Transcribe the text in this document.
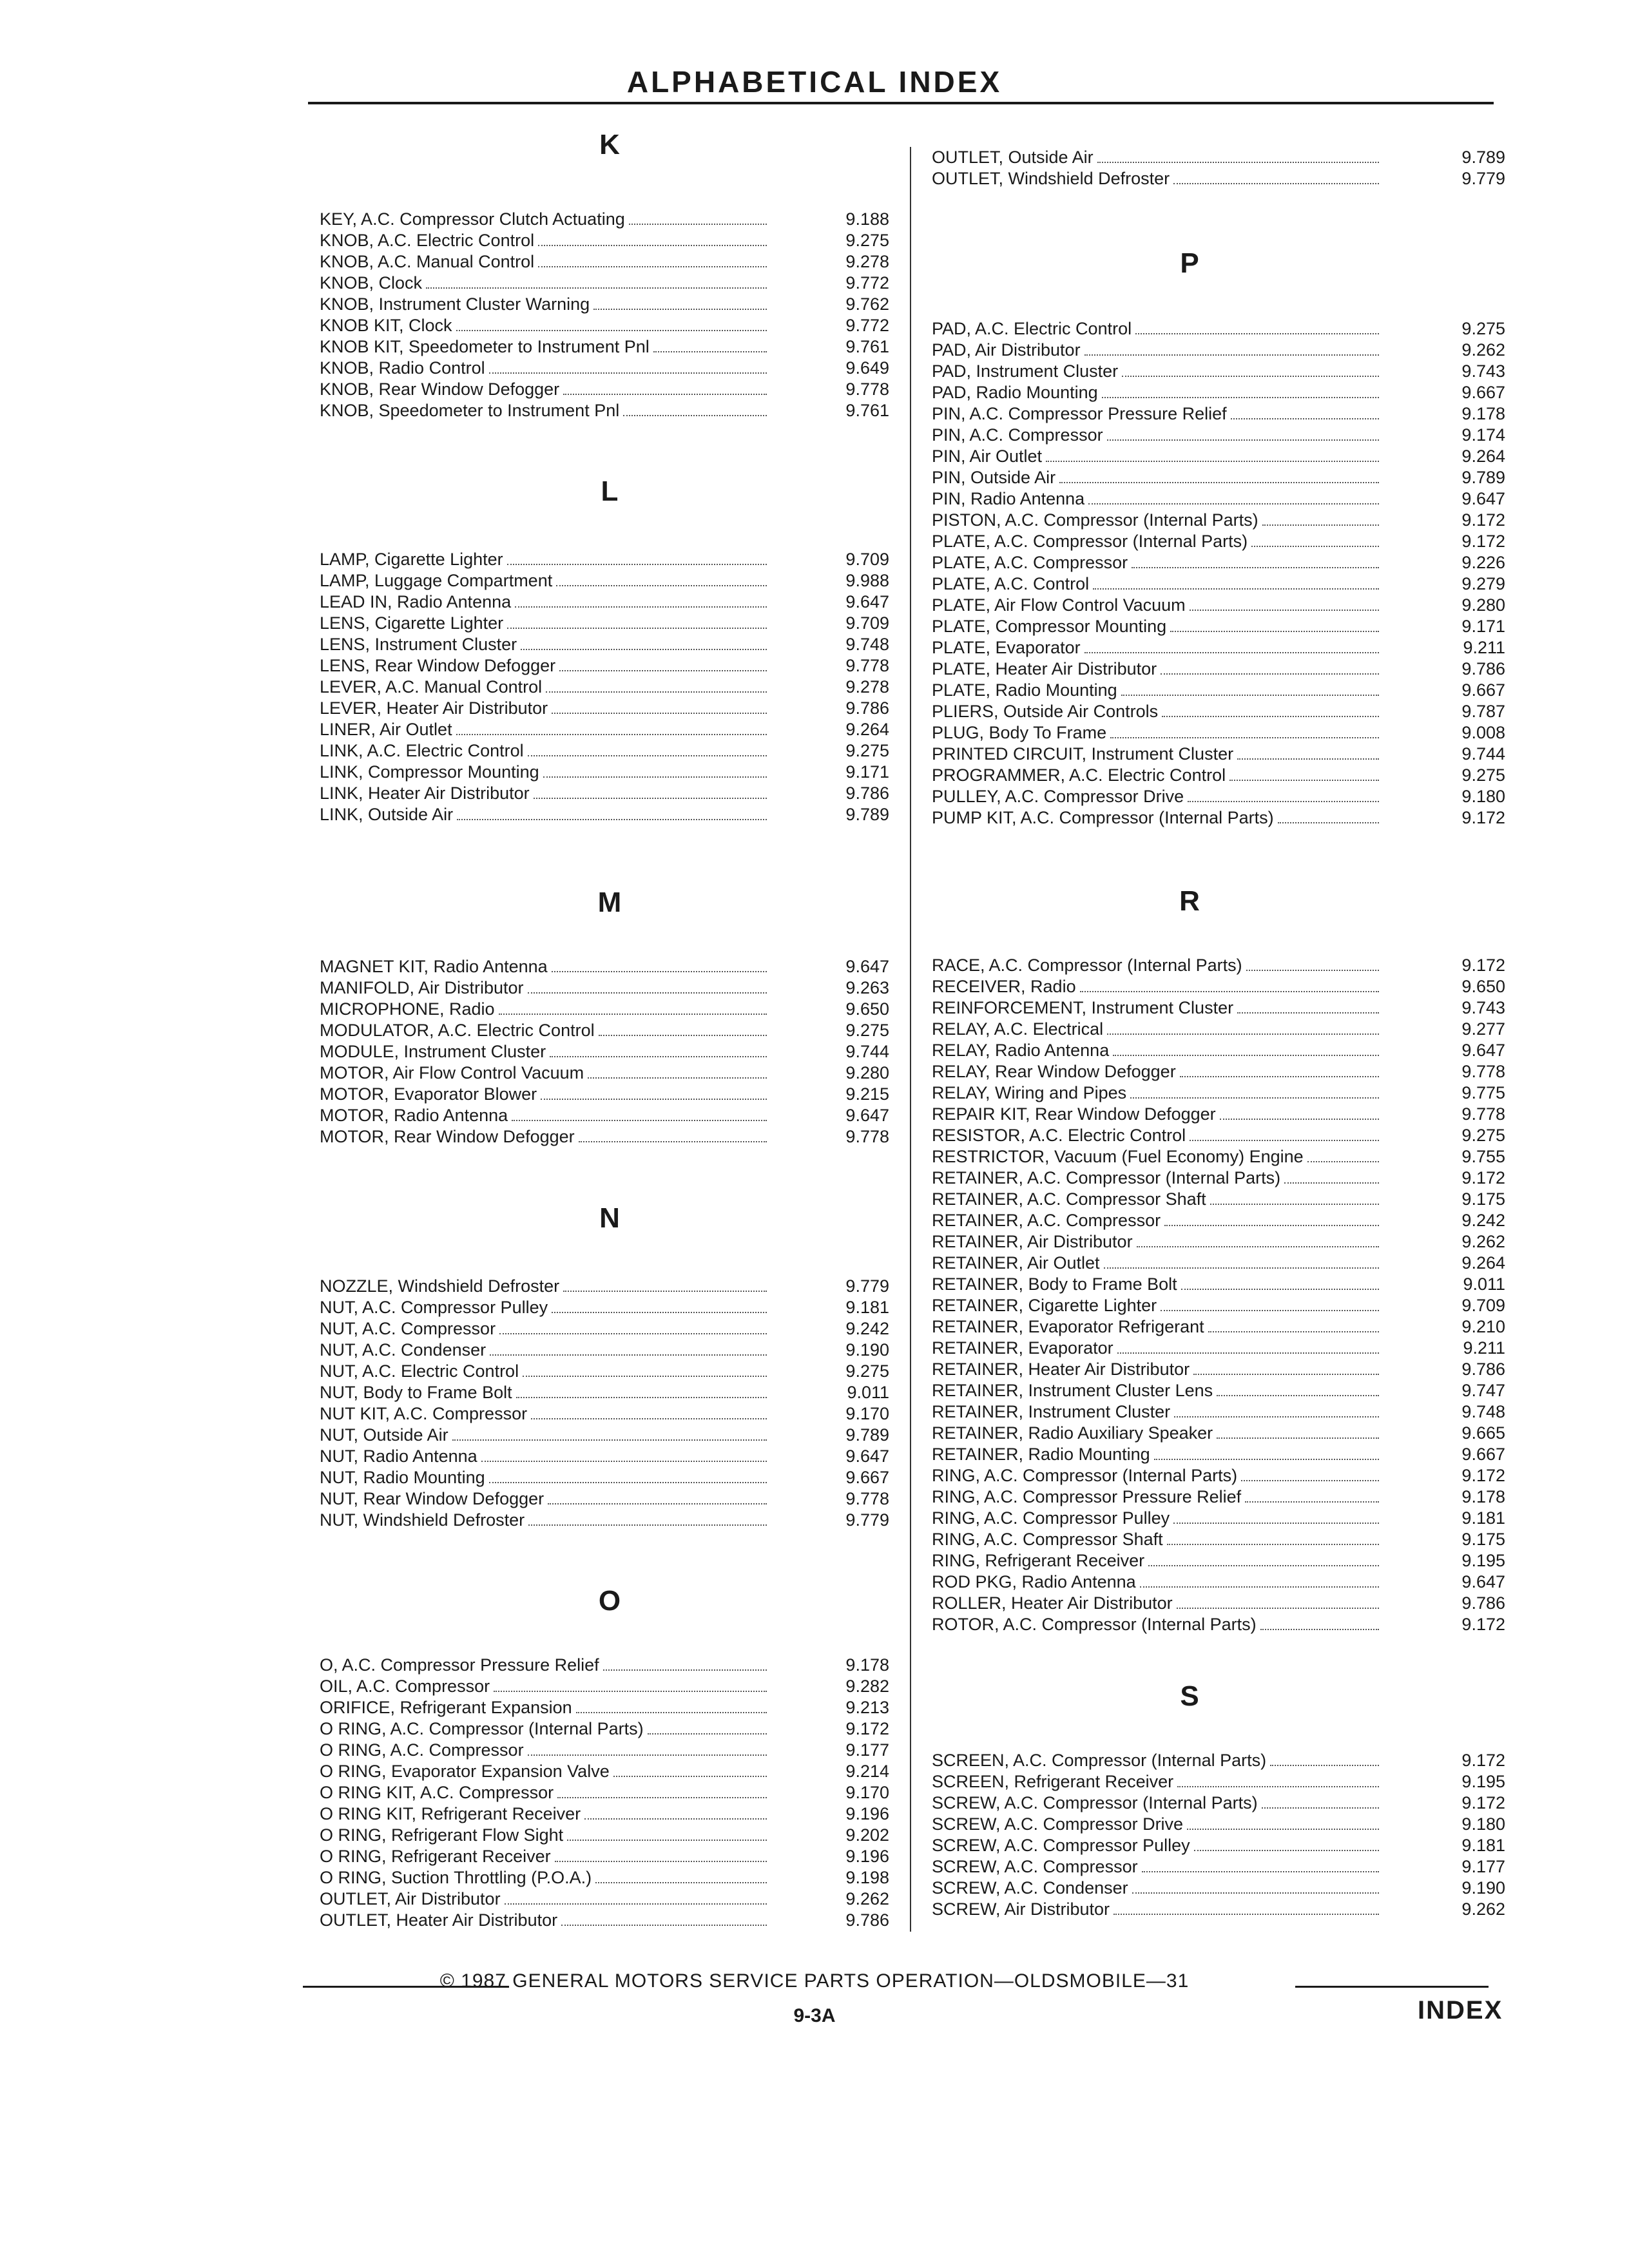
ALPHABETICAL INDEX
K
KEY, A.C. Compressor Clutch Actuating	9.188
KNOB, A.C. Electric Control	9.275
KNOB, A.C. Manual Control	9.278
KNOB, Clock	9.772
KNOB, Instrument Cluster Warning	9.762
KNOB KIT, Clock	9.772
KNOB KIT, Speedometer to Instrument Pnl	9.761
KNOB, Radio Control	9.649
KNOB, Rear Window Defogger	9.778
KNOB, Speedometer to Instrument Pnl	9.761
L
LAMP, Cigarette Lighter	9.709
LAMP, Luggage Compartment	9.988
LEAD IN, Radio Antenna	9.647
LENS, Cigarette Lighter	9.709
LENS, Instrument Cluster	9.748
LENS, Rear Window Defogger	9.778
LEVER, A.C. Manual Control	9.278
LEVER, Heater Air Distributor	9.786
LINER, Air Outlet	9.264
LINK, A.C. Electric Control	9.275
LINK, Compressor Mounting	9.171
LINK, Heater Air Distributor	9.786
LINK, Outside Air	9.789
M
MAGNET KIT, Radio Antenna	9.647
MANIFOLD, Air Distributor	9.263
MICROPHONE, Radio	9.650
MODULATOR, A.C. Electric Control	9.275
MODULE, Instrument Cluster	9.744
MOTOR, Air Flow Control Vacuum	9.280
MOTOR, Evaporator Blower	9.215
MOTOR, Radio Antenna	9.647
MOTOR, Rear Window Defogger	9.778
N
NOZZLE, Windshield Defroster	9.779
NUT, A.C. Compressor Pulley	9.181
NUT, A.C. Compressor	9.242
NUT, A.C. Condenser	9.190
NUT, A.C. Electric Control	9.275
NUT, Body to Frame Bolt	9.011
NUT KIT, A.C. Compressor	9.170
NUT, Outside Air	9.789
NUT, Radio Antenna	9.647
NUT, Radio Mounting	9.667
NUT, Rear Window Defogger	9.778
NUT, Windshield Defroster	9.779
O
O, A.C. Compressor Pressure Relief	9.178
OIL, A.C. Compressor	9.282
ORIFICE, Refrigerant Expansion	9.213
O RING, A.C. Compressor (Internal Parts)	9.172
O RING, A.C. Compressor	9.177
O RING, Evaporator Expansion Valve	9.214
O RING KIT, A.C. Compressor	9.170
O RING KIT, Refrigerant Receiver	9.196
O RING, Refrigerant Flow Sight	9.202
O RING, Refrigerant Receiver	9.196
O RING, Suction Throttling (P.O.A.)	9.198
OUTLET, Air Distributor	9.262
OUTLET, Heater Air Distributor	9.786
OUTLET, Outside Air	9.789
OUTLET, Windshield Defroster	9.779
P
PAD, A.C. Electric Control	9.275
PAD, Air Distributor	9.262
PAD, Instrument Cluster	9.743
PAD, Radio Mounting	9.667
PIN, A.C. Compressor Pressure Relief	9.178
PIN, A.C. Compressor	9.174
PIN, Air Outlet	9.264
PIN, Outside Air	9.789
PIN, Radio Antenna	9.647
PISTON, A.C. Compressor (Internal Parts)	9.172
PLATE, A.C. Compressor (Internal Parts)	9.172
PLATE, A.C. Compressor	9.226
PLATE, A.C. Control	9.279
PLATE, Air Flow Control Vacuum	9.280
PLATE, Compressor Mounting	9.171
PLATE, Evaporator	9.211
PLATE, Heater Air Distributor	9.786
PLATE, Radio Mounting	9.667
PLIERS, Outside Air Controls	9.787
PLUG, Body To Frame	9.008
PRINTED CIRCUIT, Instrument Cluster	9.744
PROGRAMMER, A.C. Electric Control	9.275
PULLEY, A.C. Compressor Drive	9.180
PUMP KIT, A.C. Compressor (Internal Parts)	9.172
R
RACE, A.C. Compressor (Internal Parts)	9.172
RECEIVER, Radio	9.650
REINFORCEMENT, Instrument Cluster	9.743
RELAY, A.C. Electrical	9.277
RELAY, Radio Antenna	9.647
RELAY, Rear Window Defogger	9.778
RELAY, Wiring and Pipes	9.775
REPAIR KIT, Rear Window Defogger	9.778
RESISTOR, A.C. Electric Control	9.275
RESTRICTOR, Vacuum (Fuel Economy) Engine	9.755
RETAINER, A.C. Compressor (Internal Parts)	9.172
RETAINER, A.C. Compressor Shaft	9.175
RETAINER, A.C. Compressor	9.242
RETAINER, Air Distributor	9.262
RETAINER, Air Outlet	9.264
RETAINER, Body to Frame Bolt	9.011
RETAINER, Cigarette Lighter	9.709
RETAINER, Evaporator Refrigerant	9.210
RETAINER, Evaporator	9.211
RETAINER, Heater Air Distributor	9.786
RETAINER, Instrument Cluster Lens	9.747
RETAINER, Instrument Cluster	9.748
RETAINER, Radio Auxiliary Speaker	9.665
RETAINER, Radio Mounting	9.667
RING, A.C. Compressor (Internal Parts)	9.172
RING, A.C. Compressor Pressure Relief	9.178
RING, A.C. Compressor Pulley	9.181
RING, A.C. Compressor Shaft	9.175
RING, Refrigerant Receiver	9.195
ROD PKG, Radio Antenna	9.647
ROLLER, Heater Air Distributor	9.786
ROTOR, A.C. Compressor (Internal Parts)	9.172
S
SCREEN, A.C. Compressor (Internal Parts)	9.172
SCREEN, Refrigerant Receiver	9.195
SCREW, A.C. Compressor (Internal Parts)	9.172
SCREW, A.C. Compressor Drive	9.180
SCREW, A.C. Compressor Pulley	9.181
SCREW, A.C. Compressor	9.177
SCREW, A.C. Condenser	9.190
SCREW, Air Distributor	9.262
© 1987 GENERAL MOTORS SERVICE PARTS OPERATION—OLDSMOBILE—31
9-3A	INDEX
